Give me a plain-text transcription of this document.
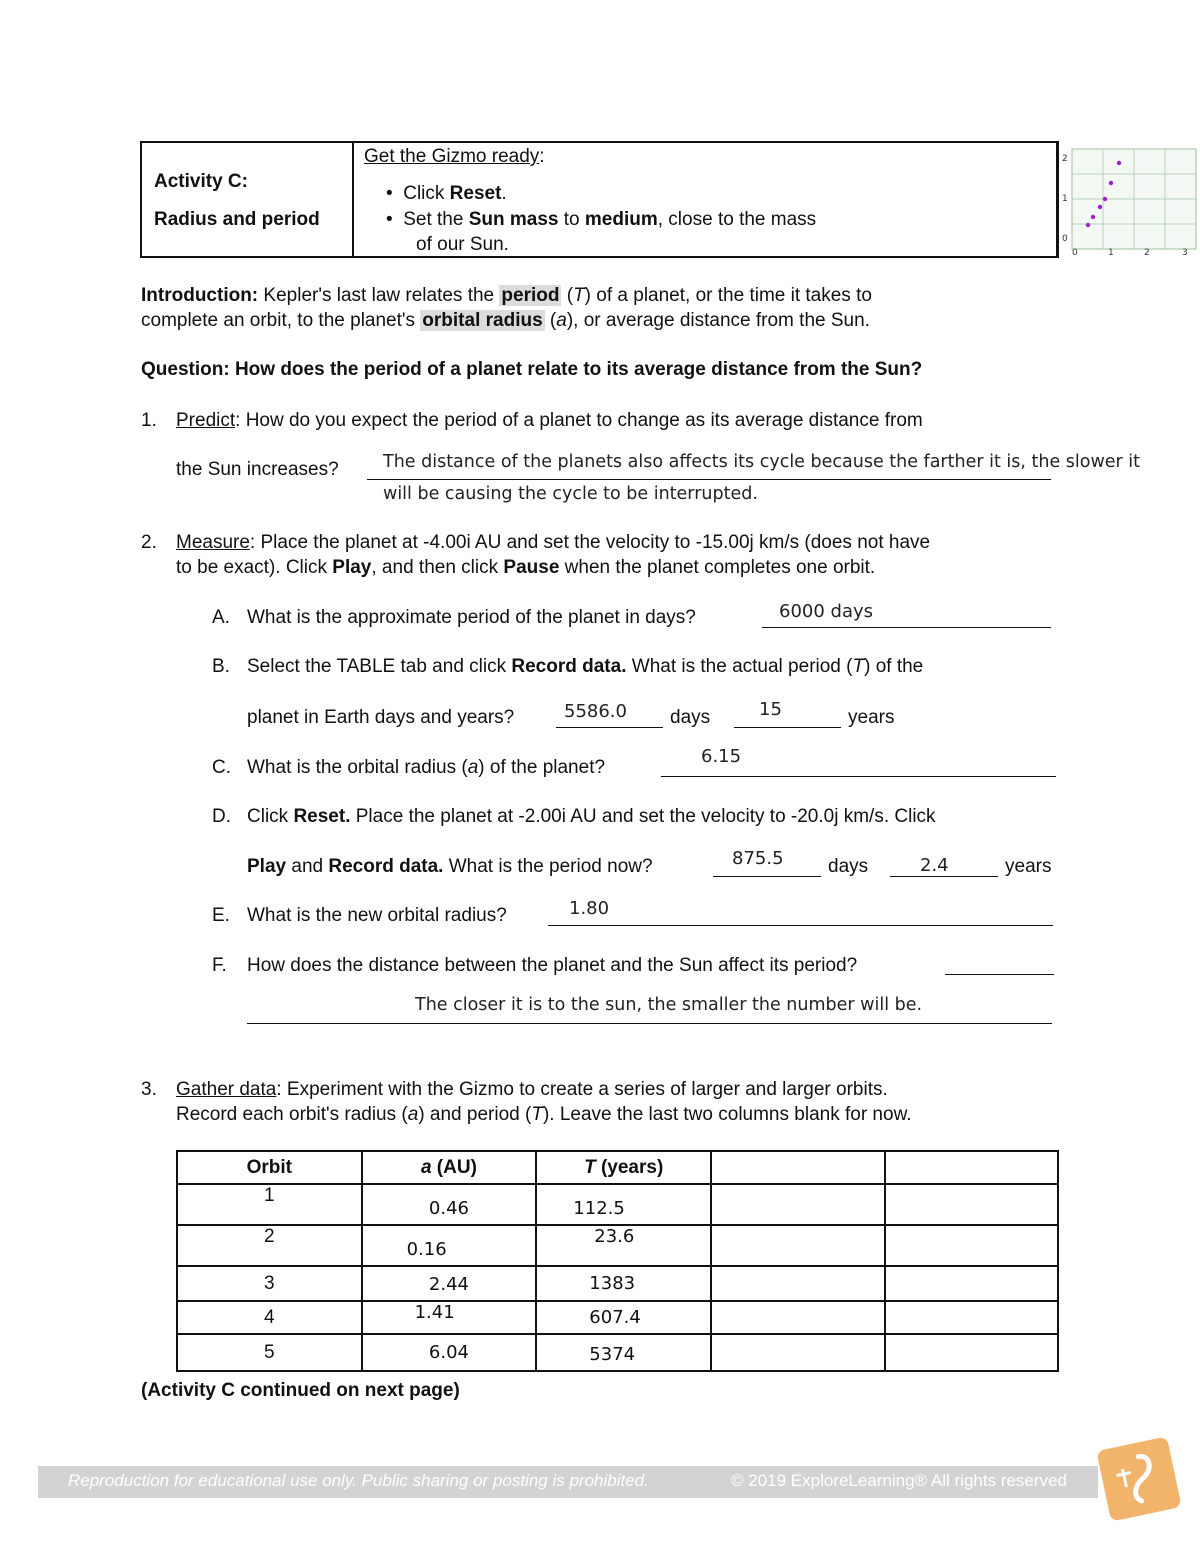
Activity C:
Radius and period
Get the Gizmo ready:
•  Click Reset.
•  Set the Sun mass to medium, close to the mass
of our Sun.
2
1
0
0	1	2	3
Introduction: Kepler's last law relates the period (T) of a planet, or the time it takes to
complete an orbit, to the planet's orbital radius (a), or average distance from the Sun.
Question: How does the period of a planet relate to its average distance from the Sun?
1. Predict: How do you expect the period of a planet to change as its average distance from
the Sun increases?	The distance of the planets also affects its cycle because the farther it is, the slower it
will be causing the cycle to be interrupted.
2. Measure: Place the planet at -4.00i AU and set the velocity to -15.00j km/s (does not have
to be exact). Click Play, and then click Pause when the planet completes one orbit.
A. What is the approximate period of the planet in days?	6000 days
B. Select the TABLE tab and click Record data. What is the actual period (T) of the
planet in Earth days and years?	5586.0 days	15	years
C. What is the orbital radius (a) of the planet?
6.15
D. Click Reset. Place the planet at -2.00i AU and set the velocity to -20.0j km/s. Click
Play and Record data. What is the period now?	875.5 days	2.4	years
E. What is the new orbital radius?	1.80
F. How does the distance between the planet and the Sun affect its period?
The closer it is to the sun, the smaller the number will be.
3. Gather data: Experiment with the Gizmo to create a series of larger and larger orbits.
Record each orbit's radius (a) and period (T). Leave the last two columns blank for now.
Orbit	a (AU)	T (years)		
1	0.46	112.5		
2	0.16	23.6		
3	2.44	1383		
4	1.41	607.4		
5	6.04	5374		
(Activity C continued on next page)
Reproduction for educational use only. Public sharing or posting is prohibited.	© 2019 ExploreLearning® All rights reserved
